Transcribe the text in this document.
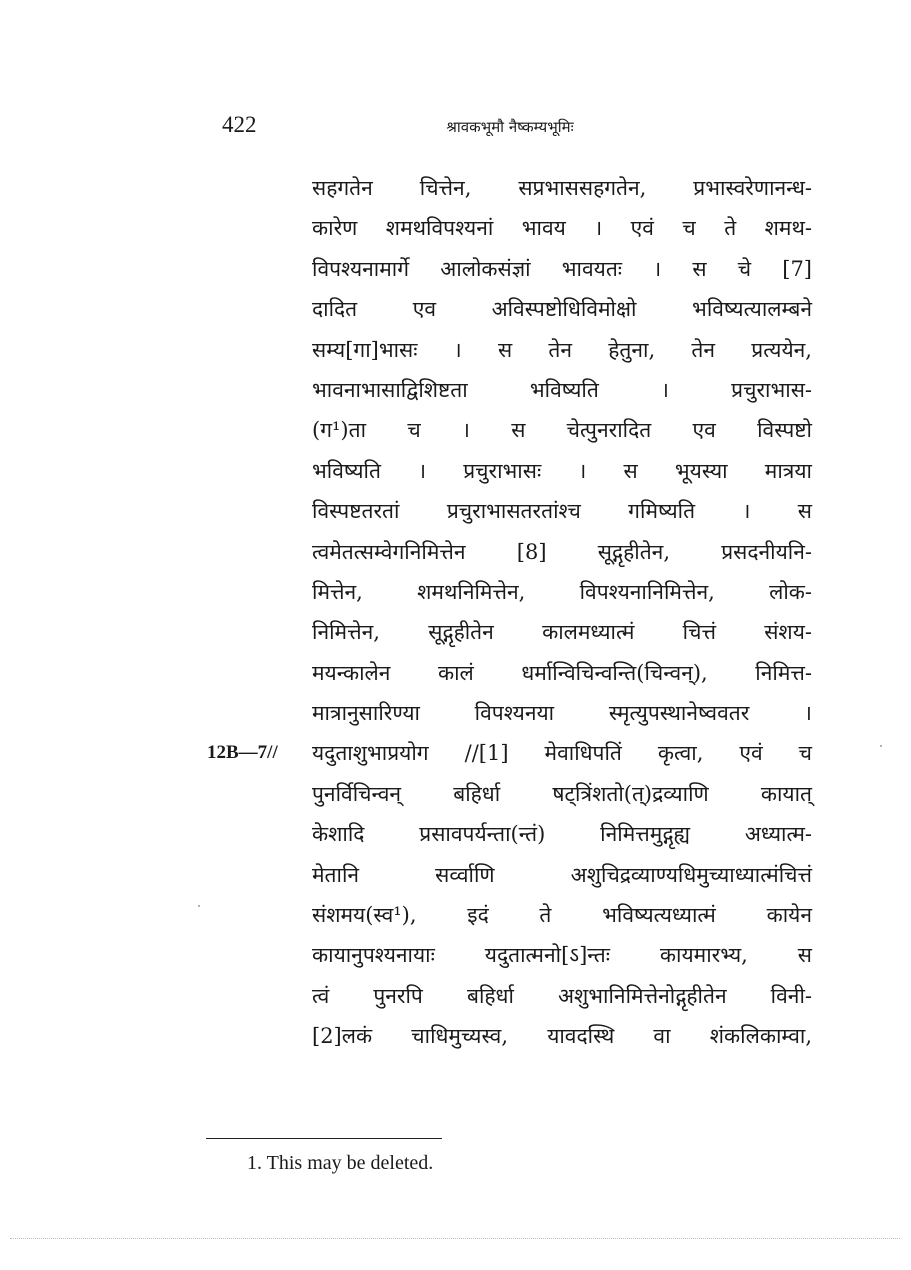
422	श्रावकभूमौ नैष्कम्यभूमिः
सहगतेन चित्तेन, सप्रभाससहगतेन, प्रभास्वरेणानन्ध-
कारेण शमथविपश्यनां भावय । एवं च ते शमथ-
विपश्यनामार्गे आलोकसंज्ञां भावयतः । स चे [7]
दादित एव अविस्पष्टोधिविमोक्षो भविष्यत्यालम्बने
सम्य[गा]भासः । स तेन हेतुना, तेन प्रत्ययेन,
भावनाभासाद्विशिष्टता भविष्यति । प्रचुराभास-
(ग¹)ता च । स चेत्पुनरादित एव विस्पष्टो
भविष्यति । प्रचुराभासः । स भूयस्या मात्रया
विस्पष्टतरतां प्रचुराभासतरतांश्च गमिष्यति । स
त्वमेतत्सम्वेगनिमित्तेन [8] सूद्गृहीतेन, प्रसदनीयनि-
मित्तेन, शमथनिमित्तेन, विपश्यनानिमित्तेन, लोक-
निमित्तेन, सूद्गृहीतेन कालमध्यात्मं चित्तं संशय-
मयन्कालेन कालं धर्मान्विचिन्वन्ति(चिन्वन्), निमित्त-
मात्रानुसारिण्या विपश्यनया स्मृत्युपस्थानेष्ववतर ।
यदुताशुभाप्रयोग //[1] मेवाधिपतिं कृत्वा, एवं च
12B—7//
पुनर्विचिन्वन् बहिर्धा षट्त्रिंशतो(त्)द्रव्याणि कायात्
केशादि प्रसावपर्यन्ता(न्तं) निमित्तमुद्गृह्य अध्यात्म-
मेतानि सर्व्वाणि अशुचिद्रव्याण्यधिमुच्याध्यात्मंचित्तं
संशमय(स्व¹), इदं ते भविष्यत्यध्यात्मं कायेन
कायानुपश्यनायाः यदुतात्मनो[ऽ]न्तः कायमारभ्य, स
त्वं पुनरपि बहिर्धा अशुभानिमित्तेनोद्गृहीतेन विनी-
[2]लकं चाधिमुच्यस्व, यावदस्थि वा शंकलिकाम्वा,
1. This may be deleted.
